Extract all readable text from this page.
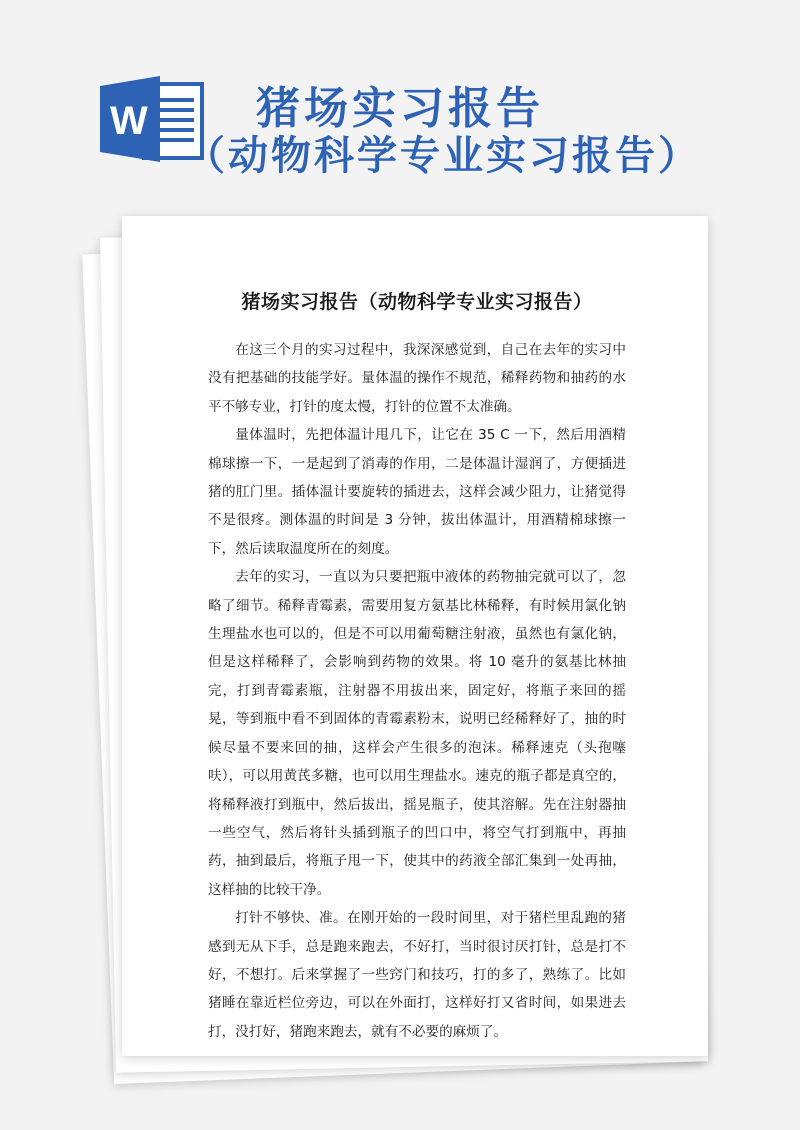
W	猪场实习报告
（动物科学专业实习报告）
猪场实习报告（动物科学专业实习报告）

在这三个月的实习过程中，我深深感觉到，自己在去年的实习中没有把基础的技能学好。量体温的操作不规范，稀释药物和抽药的水平不够专业，打针的度太慢，打针的位置不太准确。

量体温时，先把体温计甩几下，让它在 35 C 一下，然后用酒精棉球擦一下，一是起到了消毒的作用，二是体温计湿润了，方便插进猪的肛门里。插体温计要旋转的插进去，这样会减少阻力，让猪觉得不是很疼。测体温的时间是 3 分钟，拔出体温计，用酒精棉球擦一下，然后读取温度所在的刻度。

去年的实习，一直以为只要把瓶中液体的药物抽完就可以了，忽略了细节。稀释青霉素，需要用复方氨基比林稀释，有时候用氯化钠生理盐水也可以的，但是不可以用葡萄糖注射液，虽然也有氯化钠，但是这样稀释了，会影响到药物的效果。将 10 毫升的氨基比林抽完，打到青霉素瓶，注射器不用拔出来，固定好，将瓶子来回的摇晃，等到瓶中看不到固体的青霉素粉末，说明已经稀释好了，抽的时候尽量不要来回的抽，这样会产生很多的泡沫。稀释速克（头孢噻呋），可以用黄芪多糖，也可以用生理盐水。速克的瓶子都是真空的，将稀释液打到瓶中，然后拔出，摇晃瓶子，使其溶解。先在注射器抽一些空气，然后将针头插到瓶子的凹口中，将空气打到瓶中，再抽药，抽到最后，将瓶子甩一下，使其中的药液全部汇集到一处再抽，这样抽的比较干净。

打针不够快、准。在刚开始的一段时间里，对于猪栏里乱跑的猪感到无从下手，总是跑来跑去，不好打，当时很讨厌打针，总是打不好，不想打。后来掌握了一些窍门和技巧，打的多了，熟练了。比如猪睡在靠近栏位旁边，可以在外面打，这样好打又省时间，如果进去打，没打好，猪跑来跑去，就有不必要的麻烦了。
